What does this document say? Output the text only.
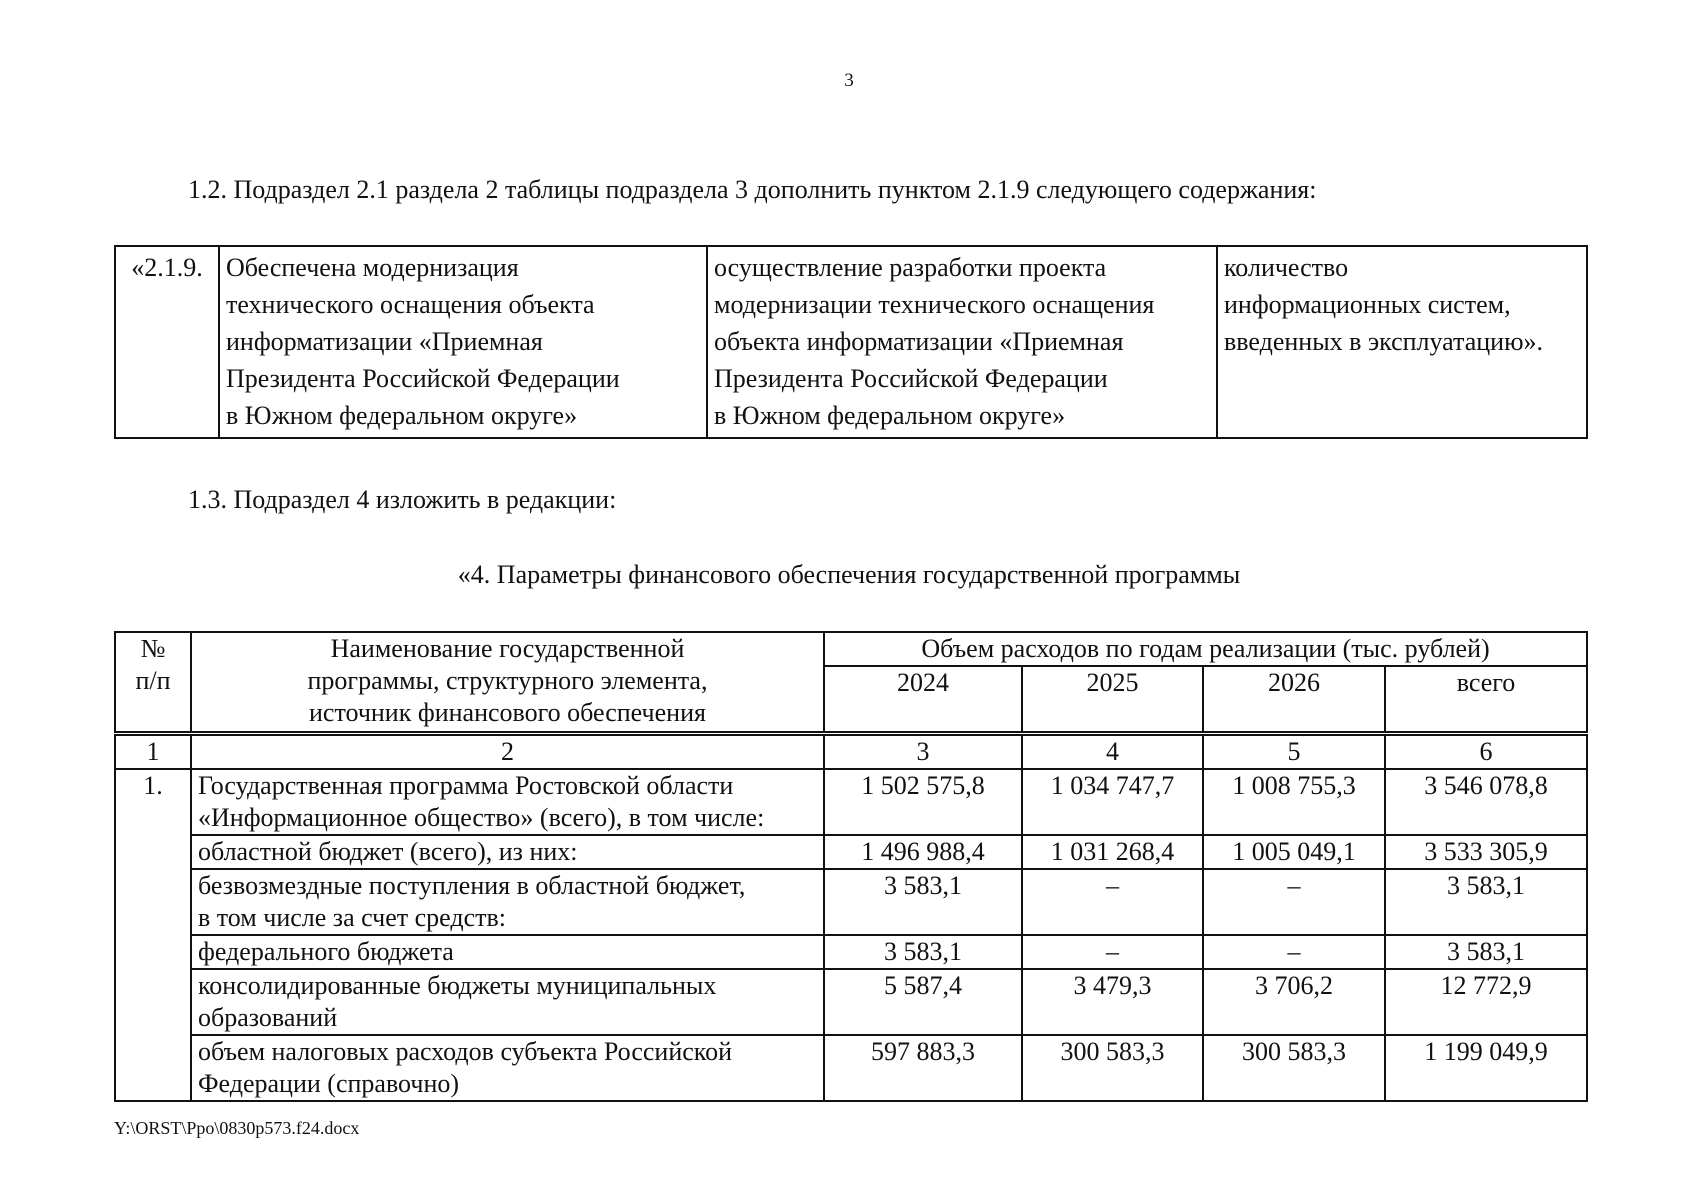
3
1.2. Подраздел 2.1 раздела 2 таблицы подраздела 3 дополнить пунктом 2.1.9 следующего содержания:
«2.1.9.	Обеспечена модернизация
технического оснащения объекта
информатизации «Приемная
Президента Российской Федерации
в Южном федеральном округе»	осуществление разработки проекта
модернизации технического оснащения
объекта информатизации «Приемная
Президента Российской Федерации
в Южном федеральном округе»	количество
информационных систем,
введенных в эксплуатацию».
1.3. Подраздел 4 изложить в редакции:
«4. Параметры финансового обеспечения государственной программы
№
п/п	Наименование государственной
программы, структурного элемента,
источник финансового обеспечения	Объем расходов по годам реализации (тыс. рублей)			
		2024	2025	2026	всего
1	2	3	4	5	6
1.	Государственная программа Ростовской области
«Информационное общество» (всего), в том числе:	1 502 575,8	1 034 747,7	1 008 755,3	3 546 078,8
	областной бюджет (всего), из них:	1 496 988,4	1 031 268,4	1 005 049,1	3 533 305,9
	безвозмездные поступления в областной бюджет,
в том числе за счет средств:	3 583,1	–	–	3 583,1
	федерального бюджета	3 583,1	–	–	3 583,1
	консолидированные бюджеты муниципальных
образований	5 587,4	3 479,3	3 706,2	12 772,9
	объем налоговых расходов субъекта Российской
Федерации (справочно)	597 883,3	300 583,3	300 583,3	1 199 049,9
Y:\ORST\Ppo\0830p573.f24.docx
